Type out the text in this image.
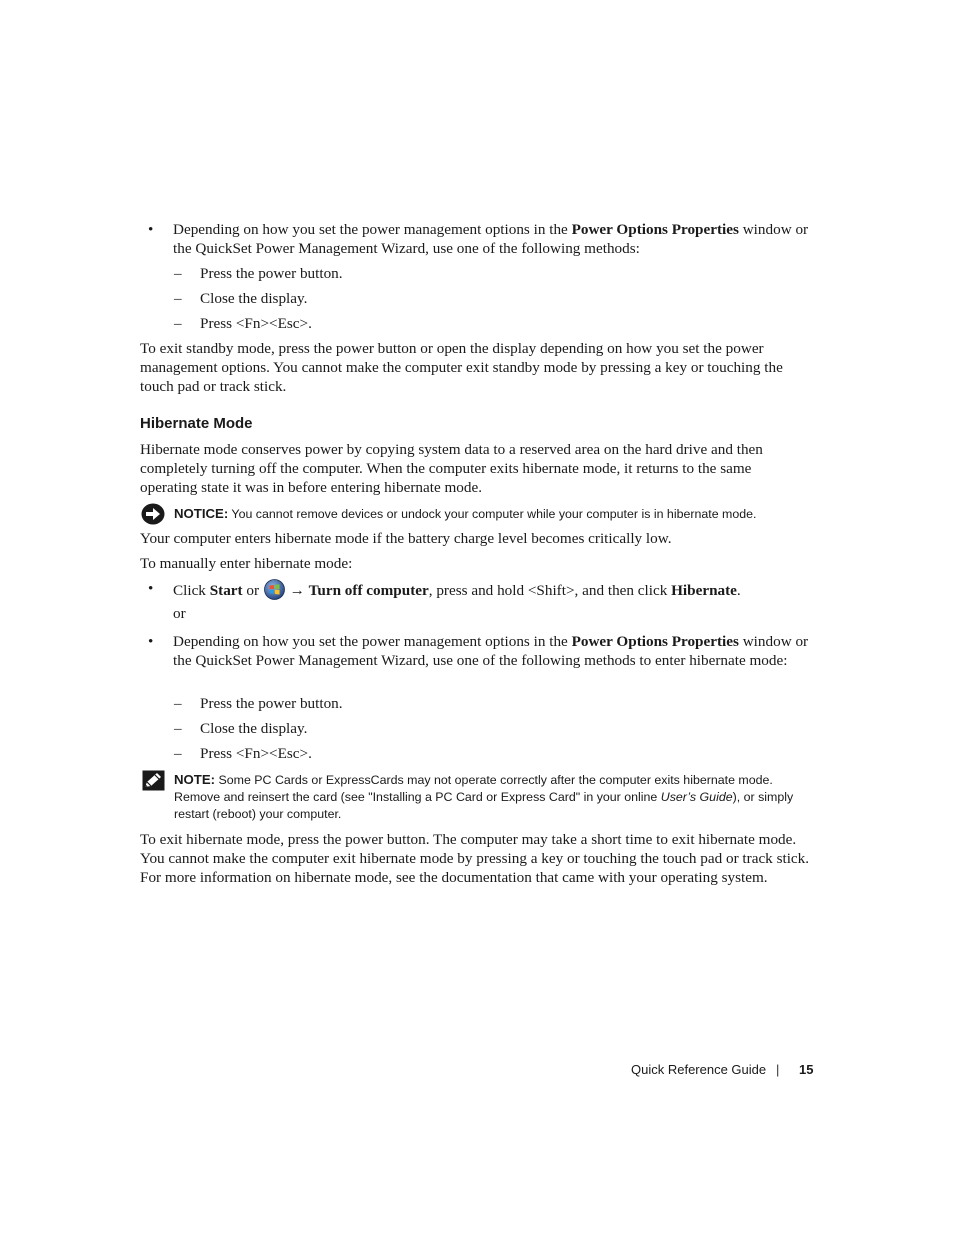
• Depending on how you set the power management options in the Power Options Properties window or the QuickSet Power Management Wizard, use one of the following methods:
– Press the power button.
– Close the display.
– Press <Fn><Esc>.
To exit standby mode, press the power button or open the display depending on how you set the power management options. You cannot make the computer exit standby mode by pressing a key or touching the touch pad or track stick.
Hibernate Mode
Hibernate mode conserves power by copying system data to a reserved area on the hard drive and then completely turning off the computer. When the computer exits hibernate mode, it returns to the same operating state it was in before entering hibernate mode.
NOTICE: You cannot remove devices or undock your computer while your computer is in hibernate mode.
Your computer enters hibernate mode if the battery charge level becomes critically low.
To manually enter hibernate mode:
• Click Start or  → Turn off computer, press and hold <Shift>, and then click Hibernate.
or
• Depending on how you set the power management options in the Power Options Properties window or the QuickSet Power Management Wizard, use one of the following methods to enter hibernate mode:
– Press the power button.
– Close the display.
– Press <Fn><Esc>.
NOTE: Some PC Cards or ExpressCards may not operate correctly after the computer exits hibernate mode. Remove and reinsert the card (see "Installing a PC Card or Express Card" in your online User’s Guide), or simply restart (reboot) your computer.
To exit hibernate mode, press the power button. The computer may take a short time to exit hibernate mode. You cannot make the computer exit hibernate mode by pressing a key or touching the touch pad or track stick. For more information on hibernate mode, see the documentation that came with your operating system.
Quick Reference Guide | 15
